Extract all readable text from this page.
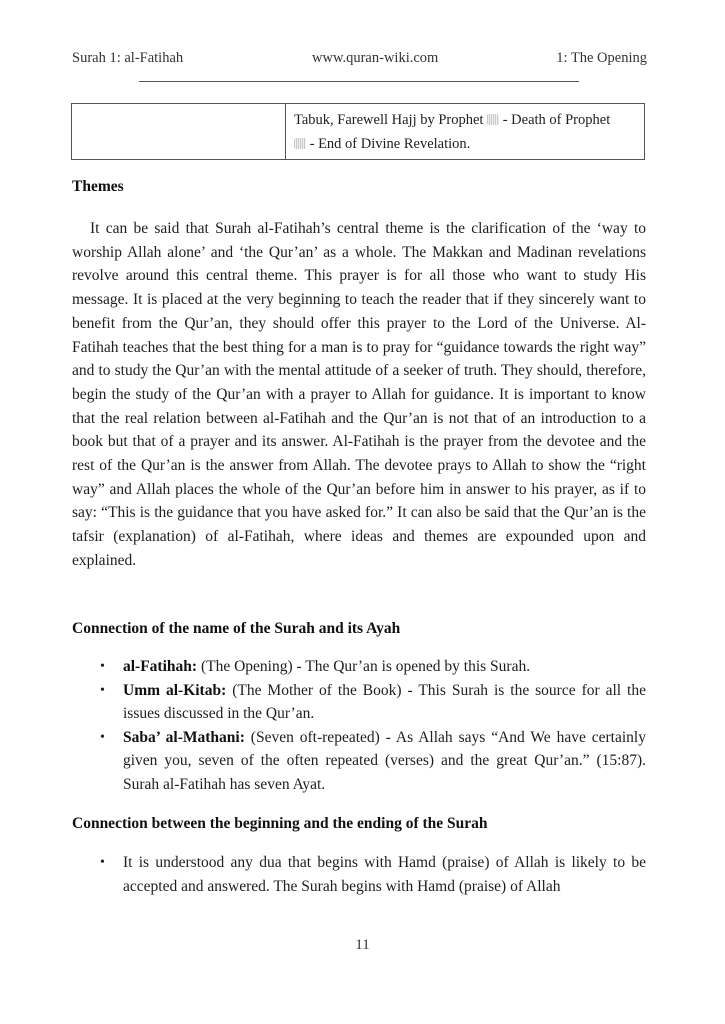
Surah 1: al-Fatihah	www.quran-wiki.com	1: The Opening
Tabuk, Farewell Hajj by Prophet  - Death of Prophet
- End of Divine Revelation.
Themes

It can be said that Surah al-Fatihah’s central theme is the clarification of the ‘way to worship Allah alone’ and ‘the Qur’an’ as a whole. The Makkan and Madinan revelations revolve around this central theme. This prayer is for all those who want to study His message. It is placed at the very beginning to teach the reader that if they sincerely want to benefit from the Qur’an, they should offer this prayer to the Lord of the Universe. Al-Fatihah teaches that the best thing for a man is to pray for “guidance towards the right way” and to study the Qur’an with the mental attitude of a seeker of truth. They should, therefore, begin the study of the Qur’an with a prayer to Allah for guidance. It is important to know that the real relation between al-Fatihah and the Qur’an is not that of an introduction to a book but that of a prayer and its answer. Al-Fatihah is the prayer from the devotee and the rest of the Qur’an is the answer from Allah. The devotee prays to Allah to show the “right way” and Allah places the whole of the Qur’an before him in answer to his prayer, as if to say: “This is the guidance that you have asked for.” It can also be said that the Qur’an is the tafsir (explanation) of al-Fatihah, where ideas and themes are expounded upon and explained.

Connection of the name of the Surah and its Ayah
• al-Fatihah: (The Opening) - The Qur’an is opened by this Surah.
• Umm al-Kitab: (The Mother of the Book) - This Surah is the source for all the issues discussed in the Qur’an.
• Saba’ al-Mathani: (Seven oft-repeated) - As Allah says “And We have certainly given you, seven of the often repeated (verses) and the great Qur’an.” (15:87). Surah al-Fatihah has seven Ayat.
Connection between the beginning and the ending of the Surah
• It is understood any dua that begins with Hamd (praise) of Allah is likely to be accepted and answered. The Surah begins with Hamd (praise) of Allah
11
